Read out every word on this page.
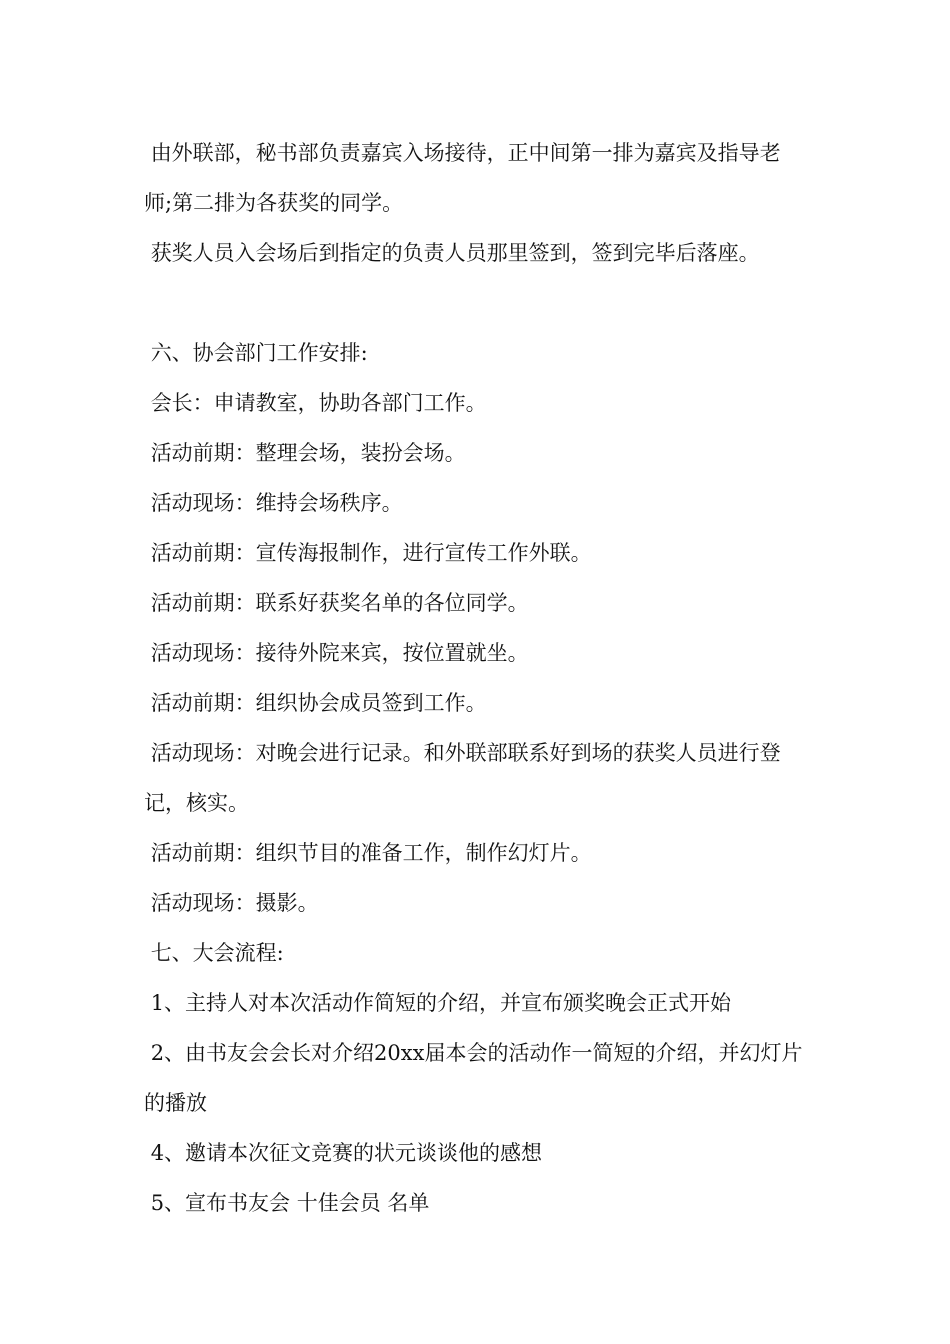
由外联部，秘书部负责嘉宾入场接待，正中间第一排为嘉宾及指导老师;第二排为各获奖的同学。

获奖人员入会场后到指定的负责人员那里签到，签到完毕后落座。

六、协会部门工作安排:

会长：申请教室，协助各部门工作。

活动前期：整理会场，装扮会场。

活动现场：维持会场秩序。

活动前期：宣传海报制作，进行宣传工作外联。

活动前期：联系好获奖名单的各位同学。

活动现场：接待外院来宾，按位置就坐。

活动前期：组织协会成员签到工作。

活动现场：对晚会进行记录。和外联部联系好到场的获奖人员进行登记，核实。

活动前期：组织节目的准备工作，制作幻灯片。

活动现场：摄影。

七、大会流程:

1、主持人对本次活动作简短的介绍，并宣布颁奖晚会正式开始

2、由书友会会长对介绍20xx届本会的活动作一简短的介绍，并幻灯片的播放

4、邀请本次征文竞赛的状元谈谈他的感想

5、宣布书友会 十佳会员 名单
